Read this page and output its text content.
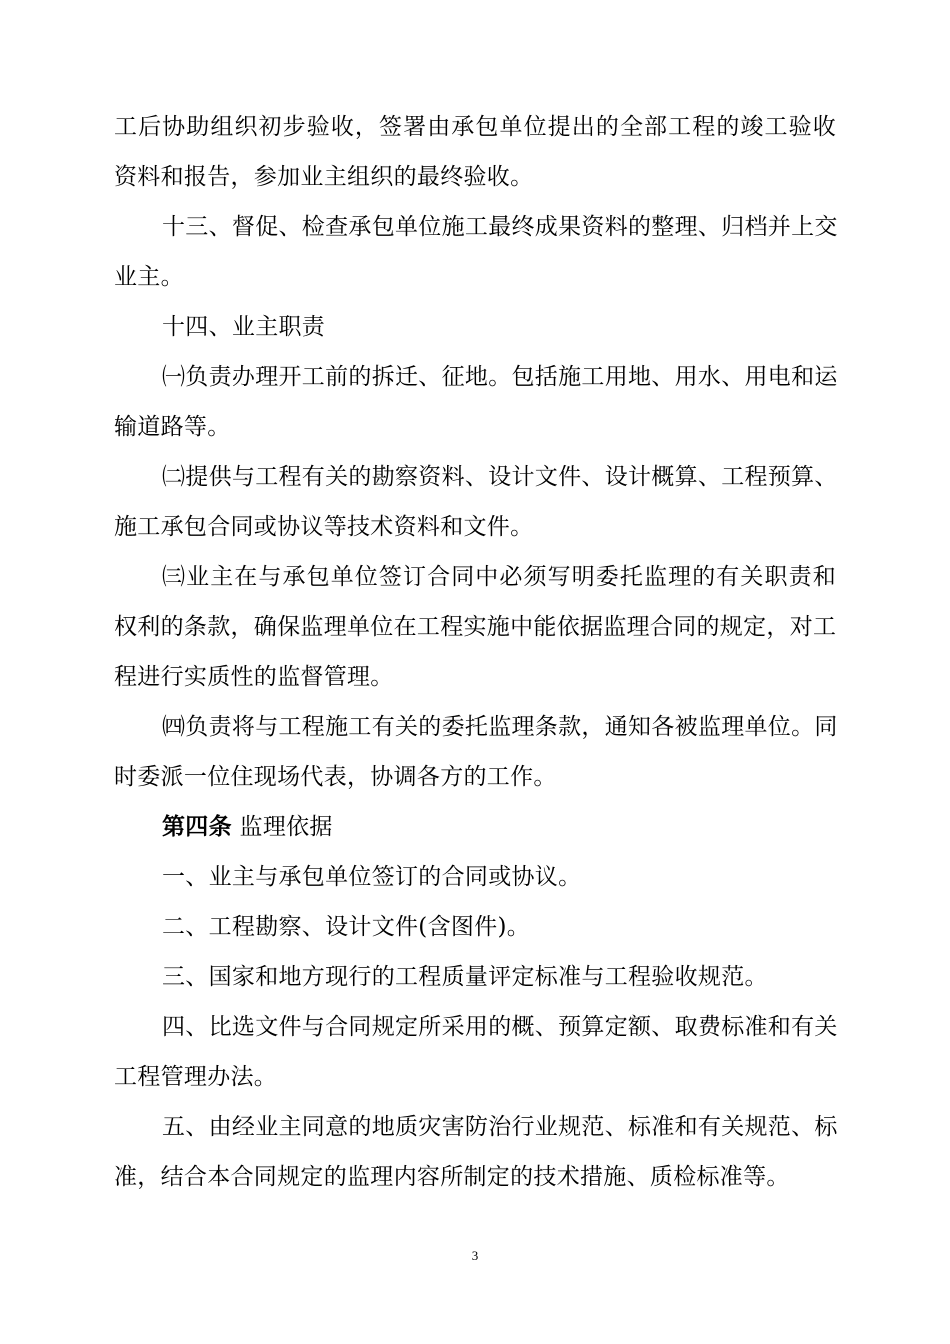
工后协助组织初步验收，签署由承包单位提出的全部工程的竣工验收
资料和报告，参加业主组织的最终验收。
十三、督促、检查承包单位施工最终成果资料的整理、归档并上交
业主。
十四、业主职责
㈠负责办理开工前的拆迁、征地。包括施工用地、用水、用电和运
输道路等。
㈡提供与工程有关的勘察资料、设计文件、设计概算、工程预算、
施工承包合同或协议等技术资料和文件。
㈢业主在与承包单位签订合同中必须写明委托监理的有关职责和
权利的条款，确保监理单位在工程实施中能依据监理合同的规定，对工
程进行实质性的监督管理。
㈣负责将与工程施工有关的委托监理条款，通知各被监理单位。同
时委派一位住现场代表，协调各方的工作。
第四条 监理依据
一、业主与承包单位签订的合同或协议。
二、工程勘察、设计文件(含图件)。
三、国家和地方现行的工程质量评定标准与工程验收规范。
四、比选文件与合同规定所采用的概、预算定额、取费标准和有关
工程管理办法。
五、由经业主同意的地质灾害防治行业规范、标准和有关规范、标
准，结合本合同规定的监理内容所制定的技术措施、质检标准等。
3
